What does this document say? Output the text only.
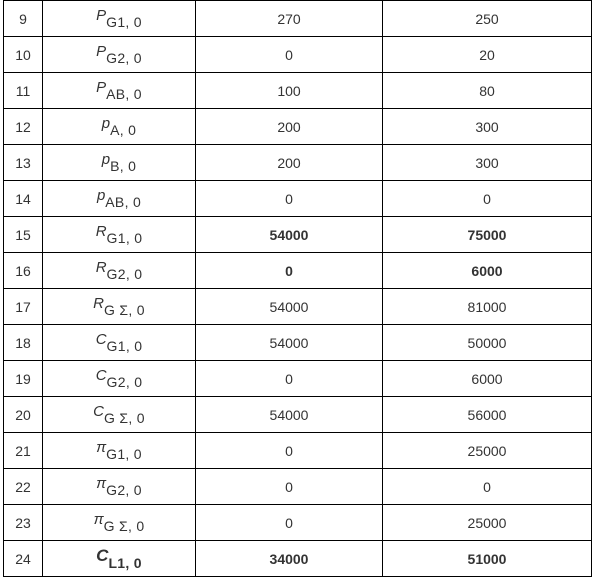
9	PG1, 0	270	250
10	PG2, 0	0	20
11	PAB, 0	100	80
12	pA, 0	200	300
13	pB, 0	200	300
14	pAB, 0	0	0
15	RG1, 0	54000	75000
16	RG2, 0	0	6000
17	RG Σ, 0	54000	81000
18	CG1, 0	54000	50000
19	CG2, 0	0	6000
20	CG Σ, 0	54000	56000
21	πG1, 0	0	25000
22	πG2, 0	0	0
23	πG Σ, 0	0	25000
24	CL1, 0	34000	51000
